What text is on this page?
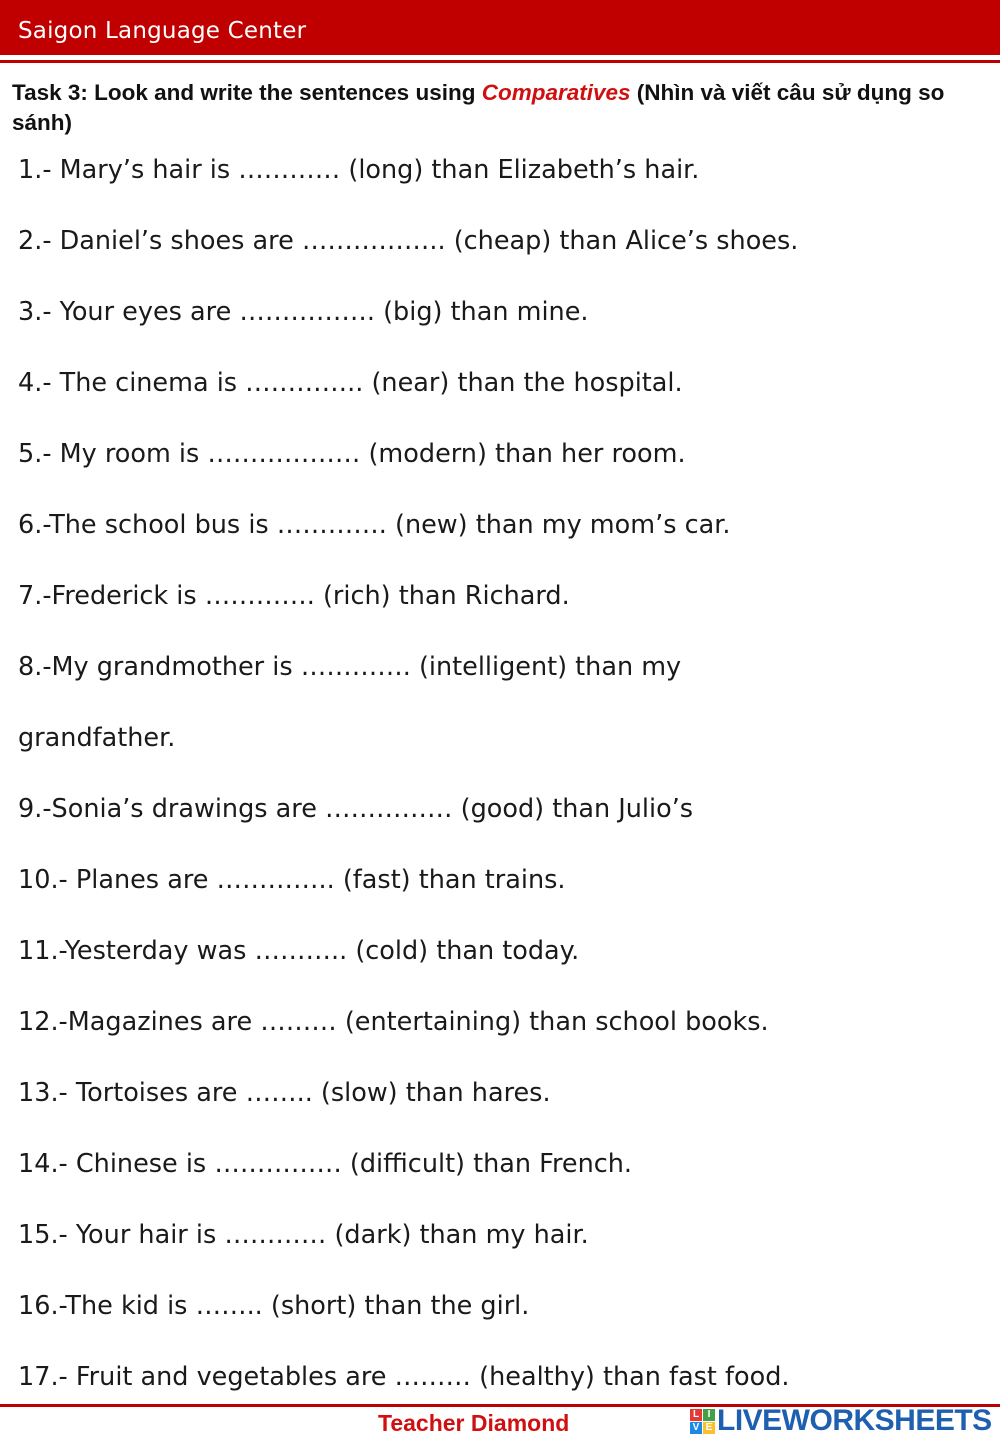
Saigon Language Center
Task 3: Look and write the sentences using Comparatives (Nhìn và viết câu sử dụng so sánh)
1.- Mary’s hair is ………… (long) than Elizabeth’s hair.
2.- Daniel’s shoes are …………….. (cheap) than Alice’s shoes.
3.- Your eyes are ……………. (big) than mine.
4.- The cinema is ………….. (near) than the hospital.
5.- My room is ……………… (modern) than her room.
6.-The school bus is …………. (new) than my mom’s car.
7.-Frederick is …………. (rich) than Richard.
8.-My grandmother is …………. (intelligent) than my
grandfather.
9.-Sonia’s drawings are …………… (good) than Julio’s
10.- Planes are ………….. (fast) than trains.
11.-Yesterday was ……….. (cold) than today.
12.-Magazines are ……… (entertaining) than school books.
13.- Tortoises are …….. (slow) than hares.
14.- Chinese is …………… (difficult) than French.
15.- Your hair is ………… (dark) than my hair.
16.-The kid is …….. (short) than the girl.
17.- Fruit and vegetables are ……… (healthy) than fast food.
Teacher Diamond	L I
V E LIVEWORKSHEETS
